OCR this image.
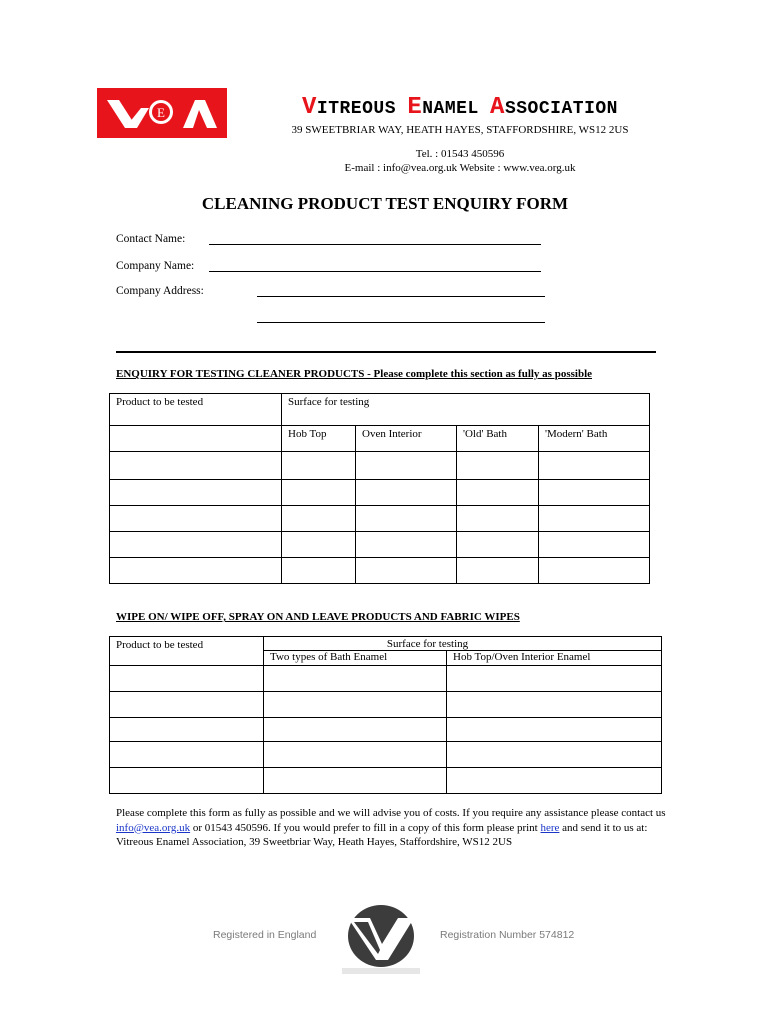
E	VITREOUS ENAMEL ASSOCIATION
39 SWEETBRIAR WAY, HEATH HAYES, STAFFORDSHIRE, WS12 2US
Tel. : 01543 450596
E-mail : info@vea.org.uk Website : www.vea.org.uk
CLEANING PRODUCT TEST ENQUIRY FORM
Contact Name:
Company Name:
Company Address:
ENQUIRY FOR TESTING CLEANER PRODUCTS - Please complete this section as fully as possible
Product to be tested	Surface for testing			
	Hob Top	Oven Interior	'Old' Bath	'Modern' Bath

WIPE ON/ WIPE OFF, SPRAY ON AND LEAVE PRODUCTS AND FABRIC WIPES
Product to be tested	Surface for testing	
	Two types of Bath Enamel	Hob Top/Oven Interior Enamel

Please complete this form as fully as possible and we will advise you of costs. If you require any assistance please contact us info@vea.org.uk or 01543 450596. If you would prefer to fill in a copy of this form please print here and send it to us at:
Vitreous Enamel Association, 39 Sweetbriar Way, Heath Hayes, Staffordshire, WS12 2US
Registered in England	Registration Number 574812
